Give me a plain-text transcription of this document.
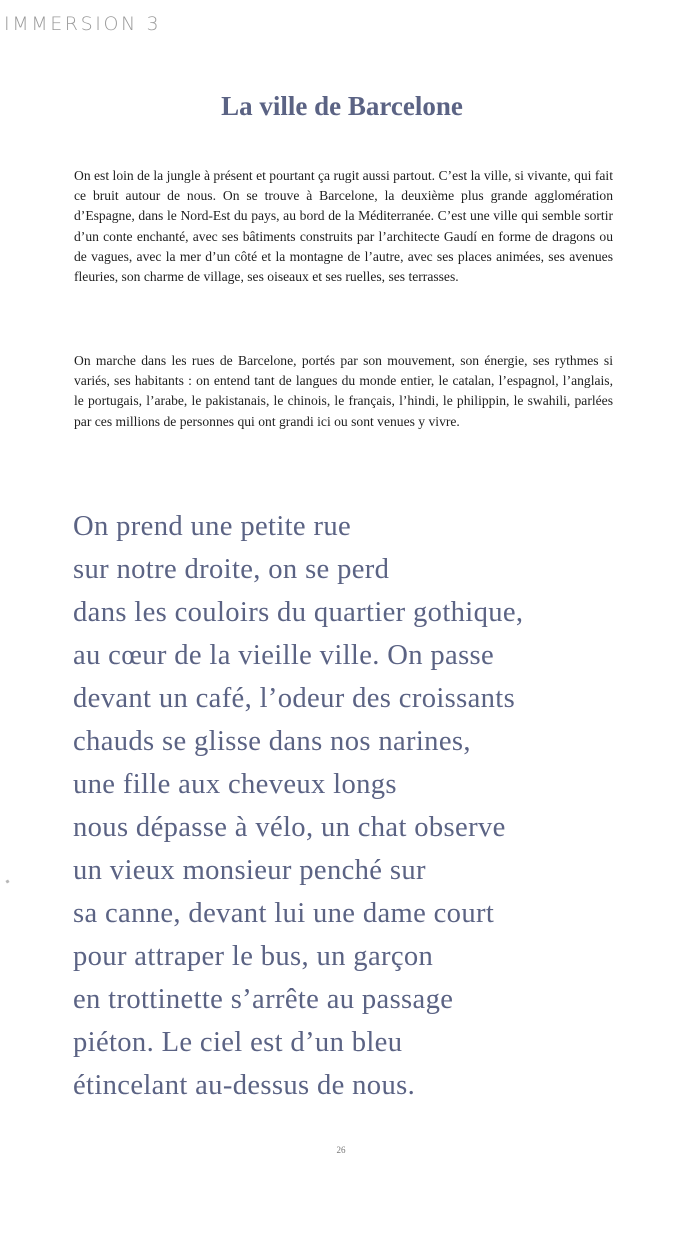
IMMERSION 3
La ville de Barcelone

On est loin de la jungle à présent et pourtant ça rugit aussi partout. C’est la ville, si vivante, qui fait ce bruit autour de nous. On se trouve à Barcelone, la deuxième plus grande agglomération d’Espagne, dans le Nord-Est du pays, au bord de la Méditerranée. C’est une ville qui semble sortir d’un conte enchanté, avec ses bâtiments construits par l’architecte Gaudí en forme de dragons ou de vagues, avec la mer d’un côté et la montagne de l’autre, avec ses places animées, ses avenues fleuries, son charme de village, ses oiseaux et ses ruelles, ses terrasses.

On marche dans les rues de Barcelone, portés par son mouvement, son énergie, ses rythmes si variés, ses habitants : on entend tant de langues du monde entier, le catalan, l’espagnol, l’anglais, le portugais, l’arabe, le pakistanais, le chinois, le français, l’hindi, le philippin, le swahili, parlées par ces millions de personnes qui ont grandi ici ou sont venues y vivre.

On prend une petite rue
sur notre droite, on se perd
dans les couloirs du quartier gothique,
au cœur de la vieille ville. On passe
devant un café, l’odeur des croissants
chauds se glisse dans nos narines,
une fille aux cheveux longs
nous dépasse à vélo, un chat observe
un vieux monsieur penché sur
sa canne, devant lui une dame court
pour attraper le bus, un garçon
en trottinette s’arrête au passage
piéton. Le ciel est d’un bleu
étincelant au-dessus de nous.
26
